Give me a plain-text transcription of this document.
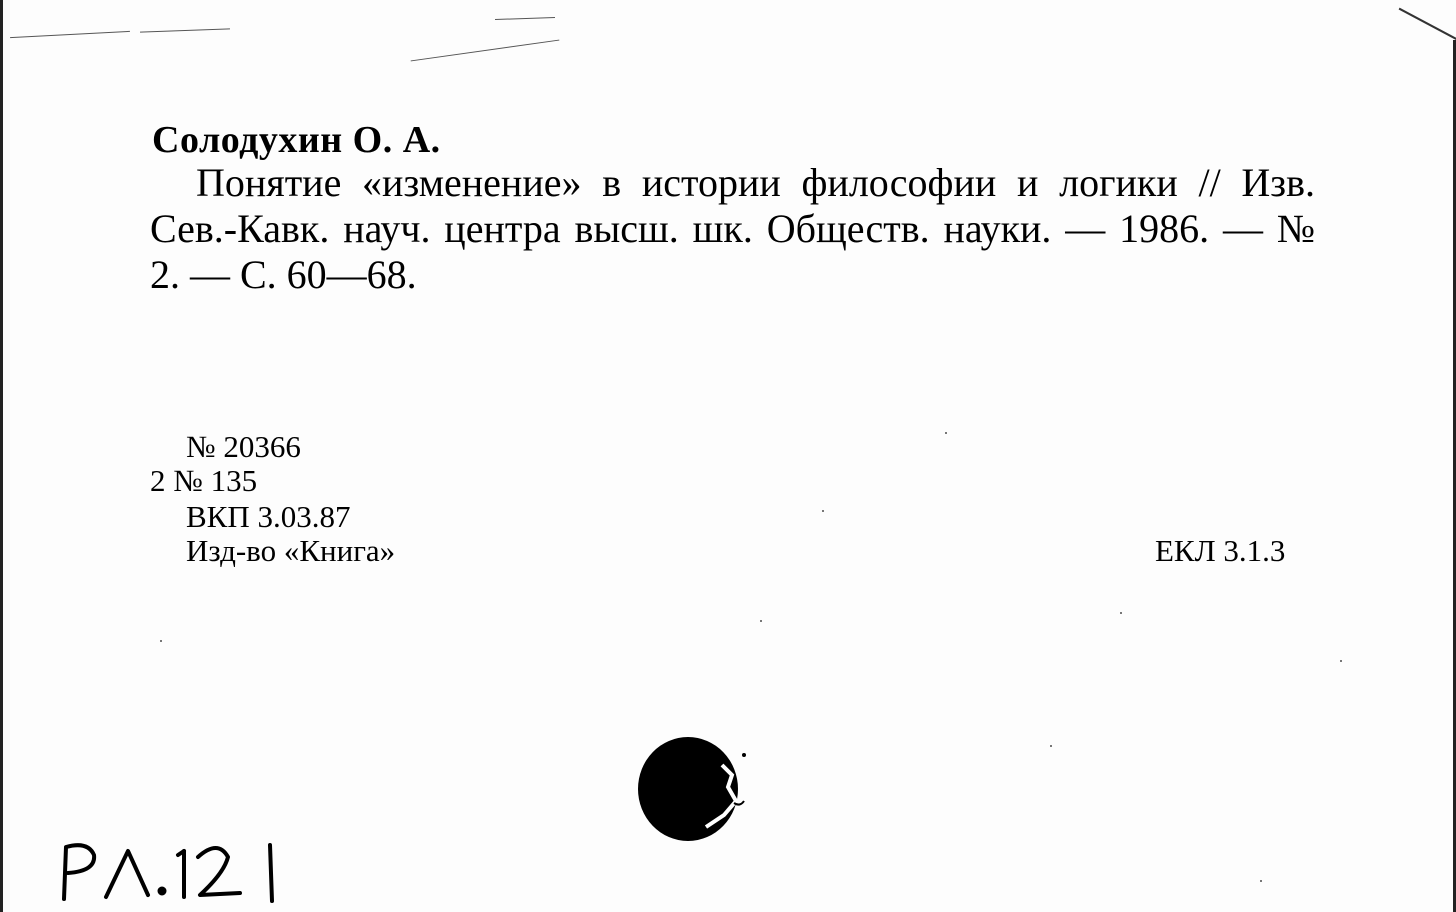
Солодухин О. А.
Понятие «изменение» в истории философии и логики // Изв. Сев.-Кавк. науч. центра высш. шк. Обществ. науки. — 1986. — № 2. — С. 60—68.
№ 20366
2 № 135
ВКП 3.03.87
Изд-во «Книга»	ЕКЛ 3.1.3
